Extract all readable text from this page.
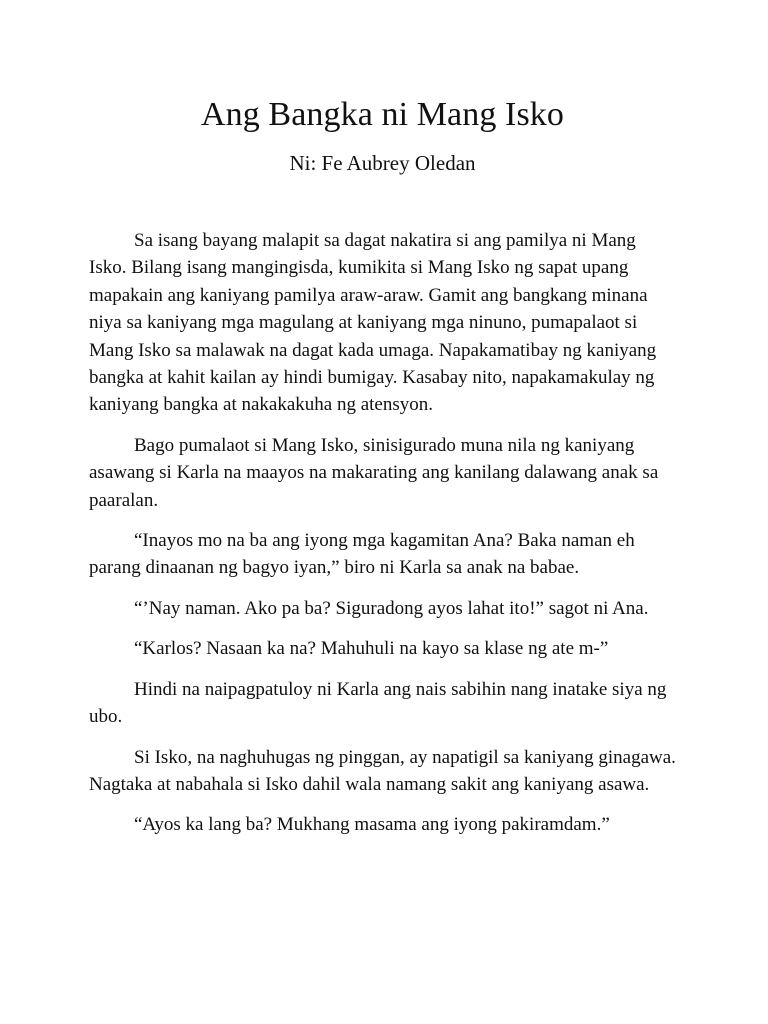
Ang Bangka ni Mang Isko

Ni: Fe Aubrey Oledan

Sa isang bayang malapit sa dagat nakatira si ang pamilya ni Mang Isko. Bilang isang mangingisda, kumikita si Mang Isko ng sapat upang mapakain ang kaniyang pamilya araw-araw. Gamit ang bangkang minana niya sa kaniyang mga magulang at kaniyang mga ninuno, pumapalaot si Mang Isko sa malawak na dagat kada umaga. Napakamatibay ng kaniyang bangka at kahit kailan ay hindi bumigay. Kasabay nito, napakamakulay ng kaniyang bangka at nakakakuha ng atensyon.

Bago pumalaot si Mang Isko, sinisigurado muna nila ng kaniyang asawang si Karla na maayos na makarating ang kanilang dalawang anak sa paaralan.

“Inayos mo na ba ang iyong mga kagamitan Ana? Baka naman eh parang dinaanan ng bagyo iyan,” biro ni Karla sa anak na babae.

“’Nay naman. Ako pa ba? Siguradong ayos lahat ito!” sagot ni Ana.

“Karlos? Nasaan ka na? Mahuhuli na kayo sa klase ng ate m-”

Hindi na naipagpatuloy ni Karla ang nais sabihin nang inatake siya ng ubo.

Si Isko, na naghuhugas ng pinggan, ay napatigil sa kaniyang ginagawa. Nagtaka at nabahala si Isko dahil wala namang sakit ang kaniyang asawa.

“Ayos ka lang ba? Mukhang masama ang iyong pakiramdam.”
